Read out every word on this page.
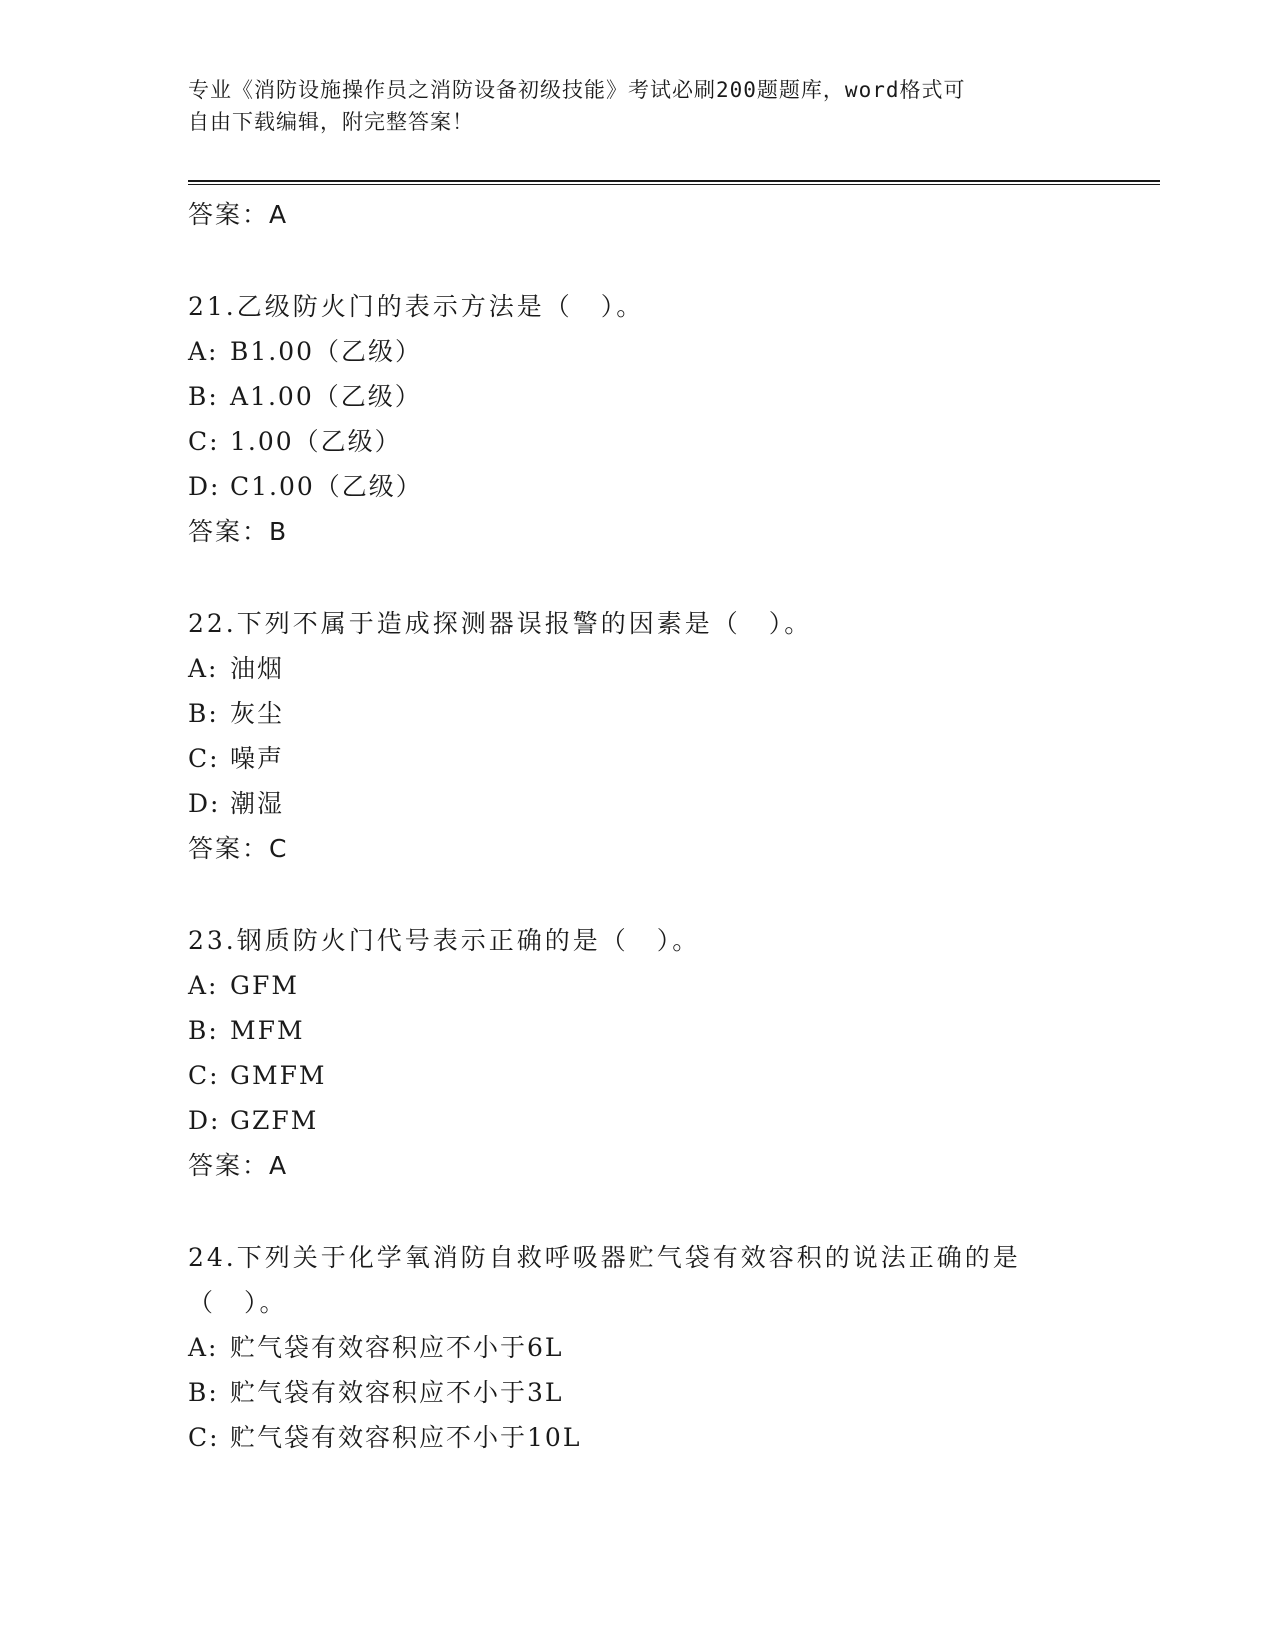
专业《消防设施操作员之消防设备初级技能》考试必刷200题题库，word格式可
自由下载编辑，附完整答案！
答案：A
21.乙级防火门的表示方法是（　）。
A: B1.00（乙级）
B: A1.00（乙级）
C: 1.00（乙级）
D: C1.00（乙级）
答案：B
22.下列不属于造成探测器误报警的因素是（　）。
A: 油烟
B: 灰尘
C: 噪声
D: 潮湿
答案：C
23.钢质防火门代号表示正确的是（　）。
A: GFM
B: MFM
C: GMFM
D: GZFM
答案：A
24.下列关于化学氧消防自救呼吸器贮气袋有效容积的说法正确的是（　）。
A: 贮气袋有效容积应不小于6L
B: 贮气袋有效容积应不小于3L
C: 贮气袋有效容积应不小于10L
